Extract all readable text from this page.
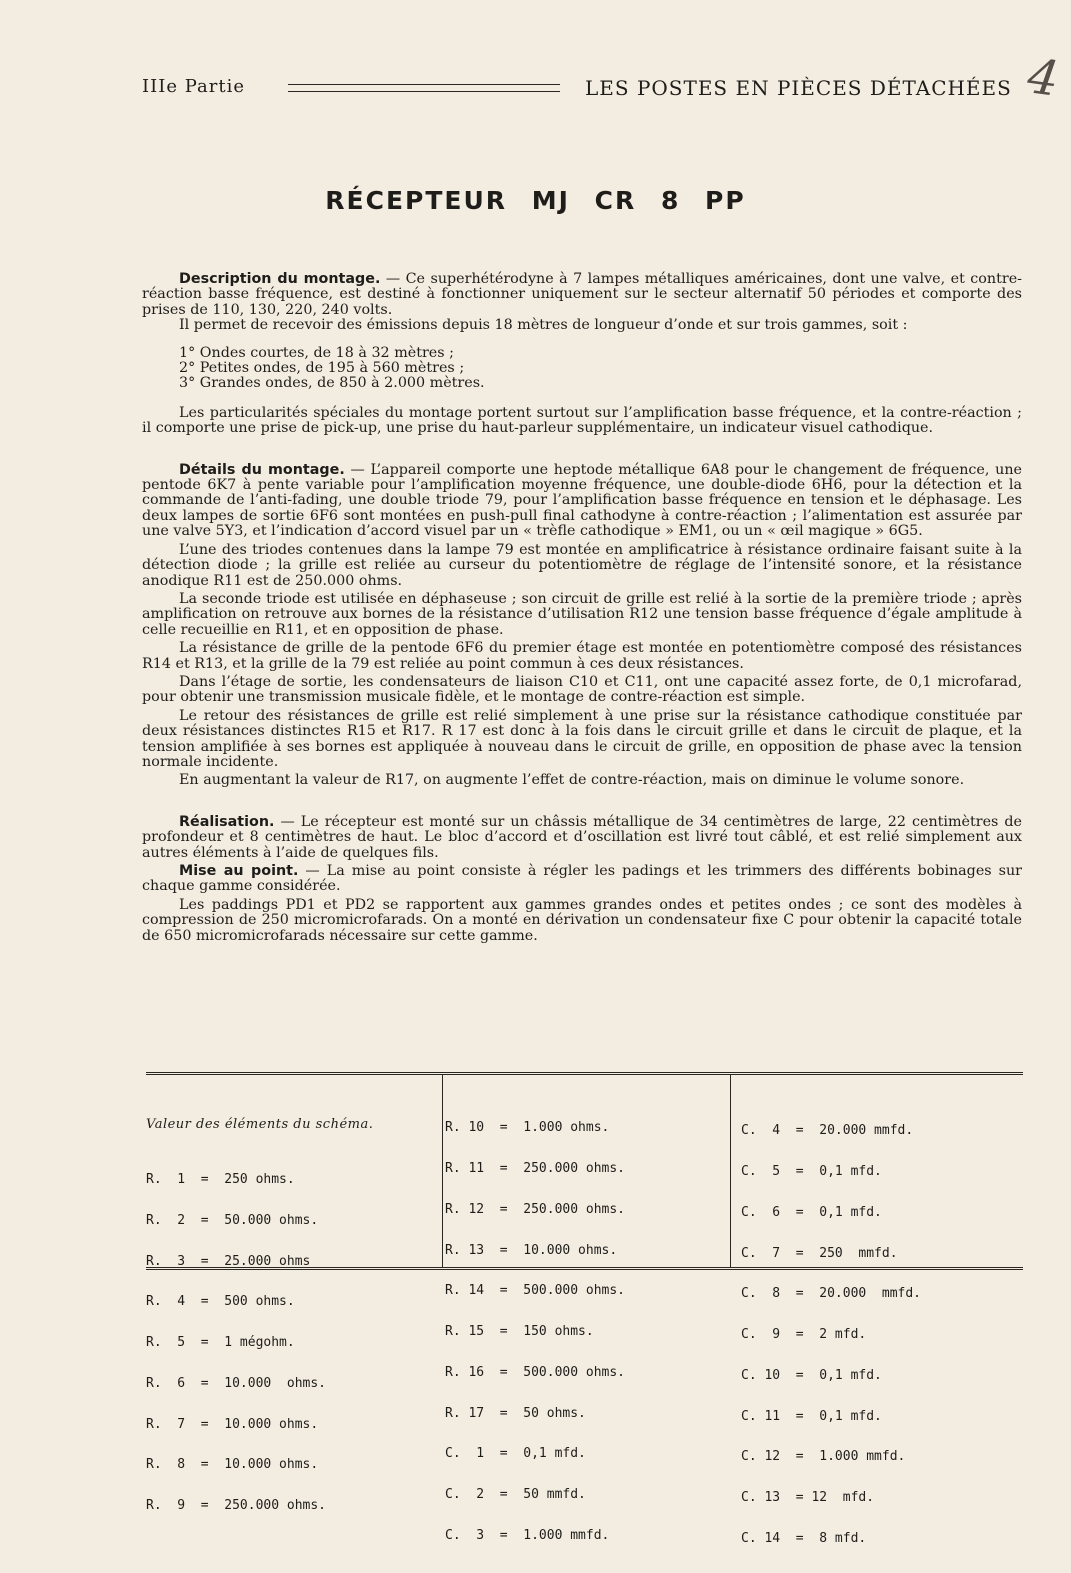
IIIe Partie	LES POSTES EN PIÈCES DÉTACHÉES 4
RÉCEPTEUR MJ CR 8 PP

Description du montage. — Ce superhétérodyne à 7 lampes métalliques américaines, dont une valve, et contre-réaction basse fréquence, est destiné à fonctionner uniquement sur le secteur alternatif 50 périodes et comporte des prises de 110, 130, 220, 240 volts.

Il permet de recevoir des émissions depuis 18 mètres de longueur d’onde et sur trois gammes, soit :

1° Ondes courtes, de 18 à 32 mètres ;
2° Petites ondes, de 195 à 560 mètres ;
3° Grandes ondes, de 850 à 2.000 mètres.

Les particularités spéciales du montage portent surtout sur l’amplification basse fréquence, et la contre-réaction ; il comporte une prise de pick-up, une prise du haut-parleur supplémentaire, un indicateur visuel cathodique.

Détails du montage. — L’appareil comporte une heptode métallique 6A8 pour le changement de fréquence, une pentode 6K7 à pente variable pour l’amplification moyenne fréquence, une double-diode 6H6, pour la détection et la commande de l’anti-fading, une double triode 79, pour l’amplification basse fréquence en tension et le déphasage. Les deux lampes de sortie 6F6 sont montées en push-pull final cathodyne à contre-réaction ; l’alimentation est assurée par une valve 5Y3, et l’indication d’accord visuel par un « trèfle cathodique » EM1, ou un « œil magique » 6G5.

L’une des triodes contenues dans la lampe 79 est montée en amplificatrice à résistance ordinaire faisant suite à la détection diode ; la grille est reliée au curseur du potentiomètre de réglage de l’intensité sonore, et la résistance anodique R11 est de 250.000 ohms.

La seconde triode est utilisée en déphaseuse ; son circuit de grille est relié à la sortie de la première triode ; après amplification on retrouve aux bornes de la résistance d’utilisation R12 une tension basse fréquence d’égale amplitude à celle recueillie en R11, et en opposition de phase.

La résistance de grille de la pentode 6F6 du premier étage est montée en potentiomètre composé des résistances R14 et R13, et la grille de la 79 est reliée au point commun à ces deux résistances.

Dans l’étage de sortie, les condensateurs de liaison C10 et C11, ont une capacité assez forte, de 0,1 microfarad, pour obtenir une transmission musicale fidèle, et le montage de contre-réaction est simple.

Le retour des résistances de grille est relié simplement à une prise sur la résistance cathodique constituée par deux résistances distinctes R15 et R17. R 17 est donc à la fois dans le circuit grille et dans le circuit de plaque, et la tension amplifiée à ses bornes est appliquée à nouveau dans le circuit de grille, en opposition de phase avec la tension normale incidente.

En augmentant la valeur de R17, on augmente l’effet de contre-réaction, mais on diminue le volume sonore.

Réalisation. — Le récepteur est monté sur un châssis métallique de 34 centimètres de large, 22 centimètres de profondeur et 8 centimètres de haut. Le bloc d’accord et d’oscillation est livré tout câblé, et est relié simplement aux autres éléments à l’aide de quelques fils.

Mise au point. — La mise au point consiste à régler les padings et les trimmers des différents bobinages sur chaque gamme considérée.

Les paddings PD1 et PD2 se rapportent aux gammes grandes ondes et petites ondes ; ce sont des modèles à compression de 250 micromicrofarads. On a monté en dérivation un condensateur fixe C pour obtenir la capacité totale de 650 micromicrofarads nécessaire sur cette gamme.

Valeur des éléments du schéma.

R.  1  =  250 ohms.

R.  2  =  50.000 ohms.

R.  3  =  25.000 ohms

R.  4  =  500 ohms.

R.  5  =  1 mégohm.

R.  6  =  10.000  ohms.

R.  7  =  10.000 ohms.

R.  8  =  10.000 ohms.

R.  9  =  250.000 ohms.

R. 10  =  1.000 ohms.

R. 11  =  250.000 ohms.

R. 12  =  250.000 ohms.

R. 13  =  10.000 ohms.

R. 14  =  500.000 ohms.

R. 15  =  150 ohms.

R. 16  =  500.000 ohms.

R. 17  =  50 ohms.

C.  1  =  0,1 mfd.

C.  2  =  50 mmfd.

C.  3  =  1.000 mmfd.

C.  4  =  20.000 mmfd.

C.  5  =  0,1 mfd.

C.  6  =  0,1 mfd.

C.  7  =  250  mmfd.

C.  8  =  20.000  mmfd.

C.  9  =  2 mfd.

C. 10  =  0,1 mfd.

C. 11  =  0,1 mfd.

C. 12  =  1.000 mmfd.

C. 13  = 12  mfd.

C. 14  =  8 mfd.
